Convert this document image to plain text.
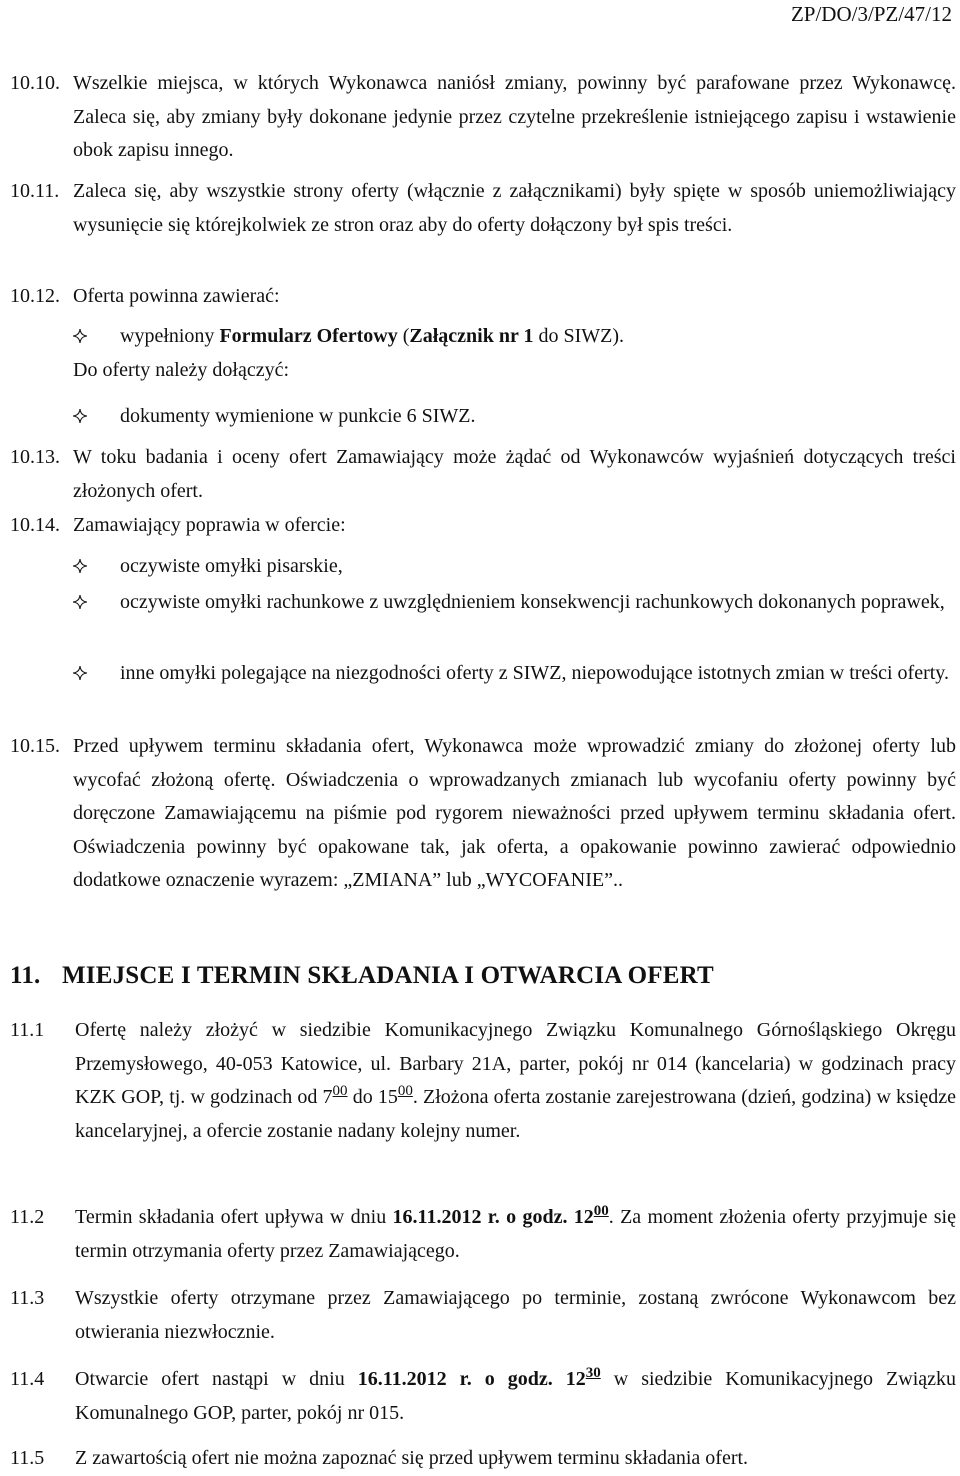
ZP/DO/3/PZ/47/12
10.10. Wszelkie miejsca, w których Wykonawca naniósł zmiany, powinny być parafowane przez Wykonawcę. Zaleca się, aby zmiany były dokonane jedynie przez czytelne przekreślenie istniejącego zapisu i wstawienie obok zapisu innego.
10.11. Zaleca się, aby wszystkie strony oferty (włącznie z załącznikami) były spięte w sposób uniemożliwiający wysunięcie się którejkolwiek ze stron oraz aby do oferty dołączony był spis treści.
10.12. Oferta powinna zawierać:
wypełniony Formularz Ofertowy (Załącznik nr 1 do SIWZ).
Do oferty należy dołączyć:
dokumenty wymienione w punkcie 6 SIWZ.
10.13. W toku badania i oceny ofert Zamawiający może żądać od Wykonawców wyjaśnień dotyczących treści złożonych ofert.
10.14. Zamawiający poprawia w ofercie:
oczywiste omyłki pisarskie,
oczywiste omyłki rachunkowe z uwzględnieniem konsekwencji rachunkowych dokonanych poprawek,
inne omyłki polegające na niezgodności oferty z SIWZ, niepowodujące istotnych zmian w treści oferty.
10.15. Przed upływem terminu składania ofert, Wykonawca może wprowadzić zmiany do złożonej oferty lub wycofać złożoną ofertę. Oświadczenia o wprowadzanych zmianach lub wycofaniu oferty powinny być doręczone Zamawiającemu na piśmie pod rygorem nieważności przed upływem terminu składania ofert. Oświadczenia powinny być opakowane tak, jak oferta, a opakowanie powinno zawierać odpowiednio dodatkowe oznaczenie wyrazem: „ZMIANA” lub „WYCOFANIE”..
11. MIEJSCE I TERMIN SKŁADANIA I OTWARCIA OFERT
11.1 Ofertę należy złożyć w siedzibie Komunikacyjnego Związku Komunalnego Górnośląskiego Okręgu Przemysłowego, 40-053 Katowice, ul. Barbary 21A, parter, pokój nr 014 (kancelaria) w godzinach pracy KZK GOP, tj. w godzinach od $7^{00}$ do $15^{00}$. Złożona oferta zostanie zarejestrowana (dzień, godzina) w księdze kancelaryjnej, a ofercie zostanie nadany kolejny numer.
11.2 Termin składania ofert upływa w dniu 16.11.2012 r. o godz. $12^{00}$. Za moment złożenia oferty przyjmuje się termin otrzymania oferty przez Zamawiającego.
11.3 Wszystkie oferty otrzymane przez Zamawiającego po terminie, zostaną zwrócone Wykonawcom bez otwierania niezwłocznie.
11.4 Otwarcie ofert nastąpi w dniu 16.11.2012 r. o godz. $12^{30}$ w siedzibie Komunikacyjnego Związku Komunalnego GOP, parter, pokój nr 015.
11.5 Z zawartością ofert nie można zapoznać się przed upływem terminu składania ofert.
